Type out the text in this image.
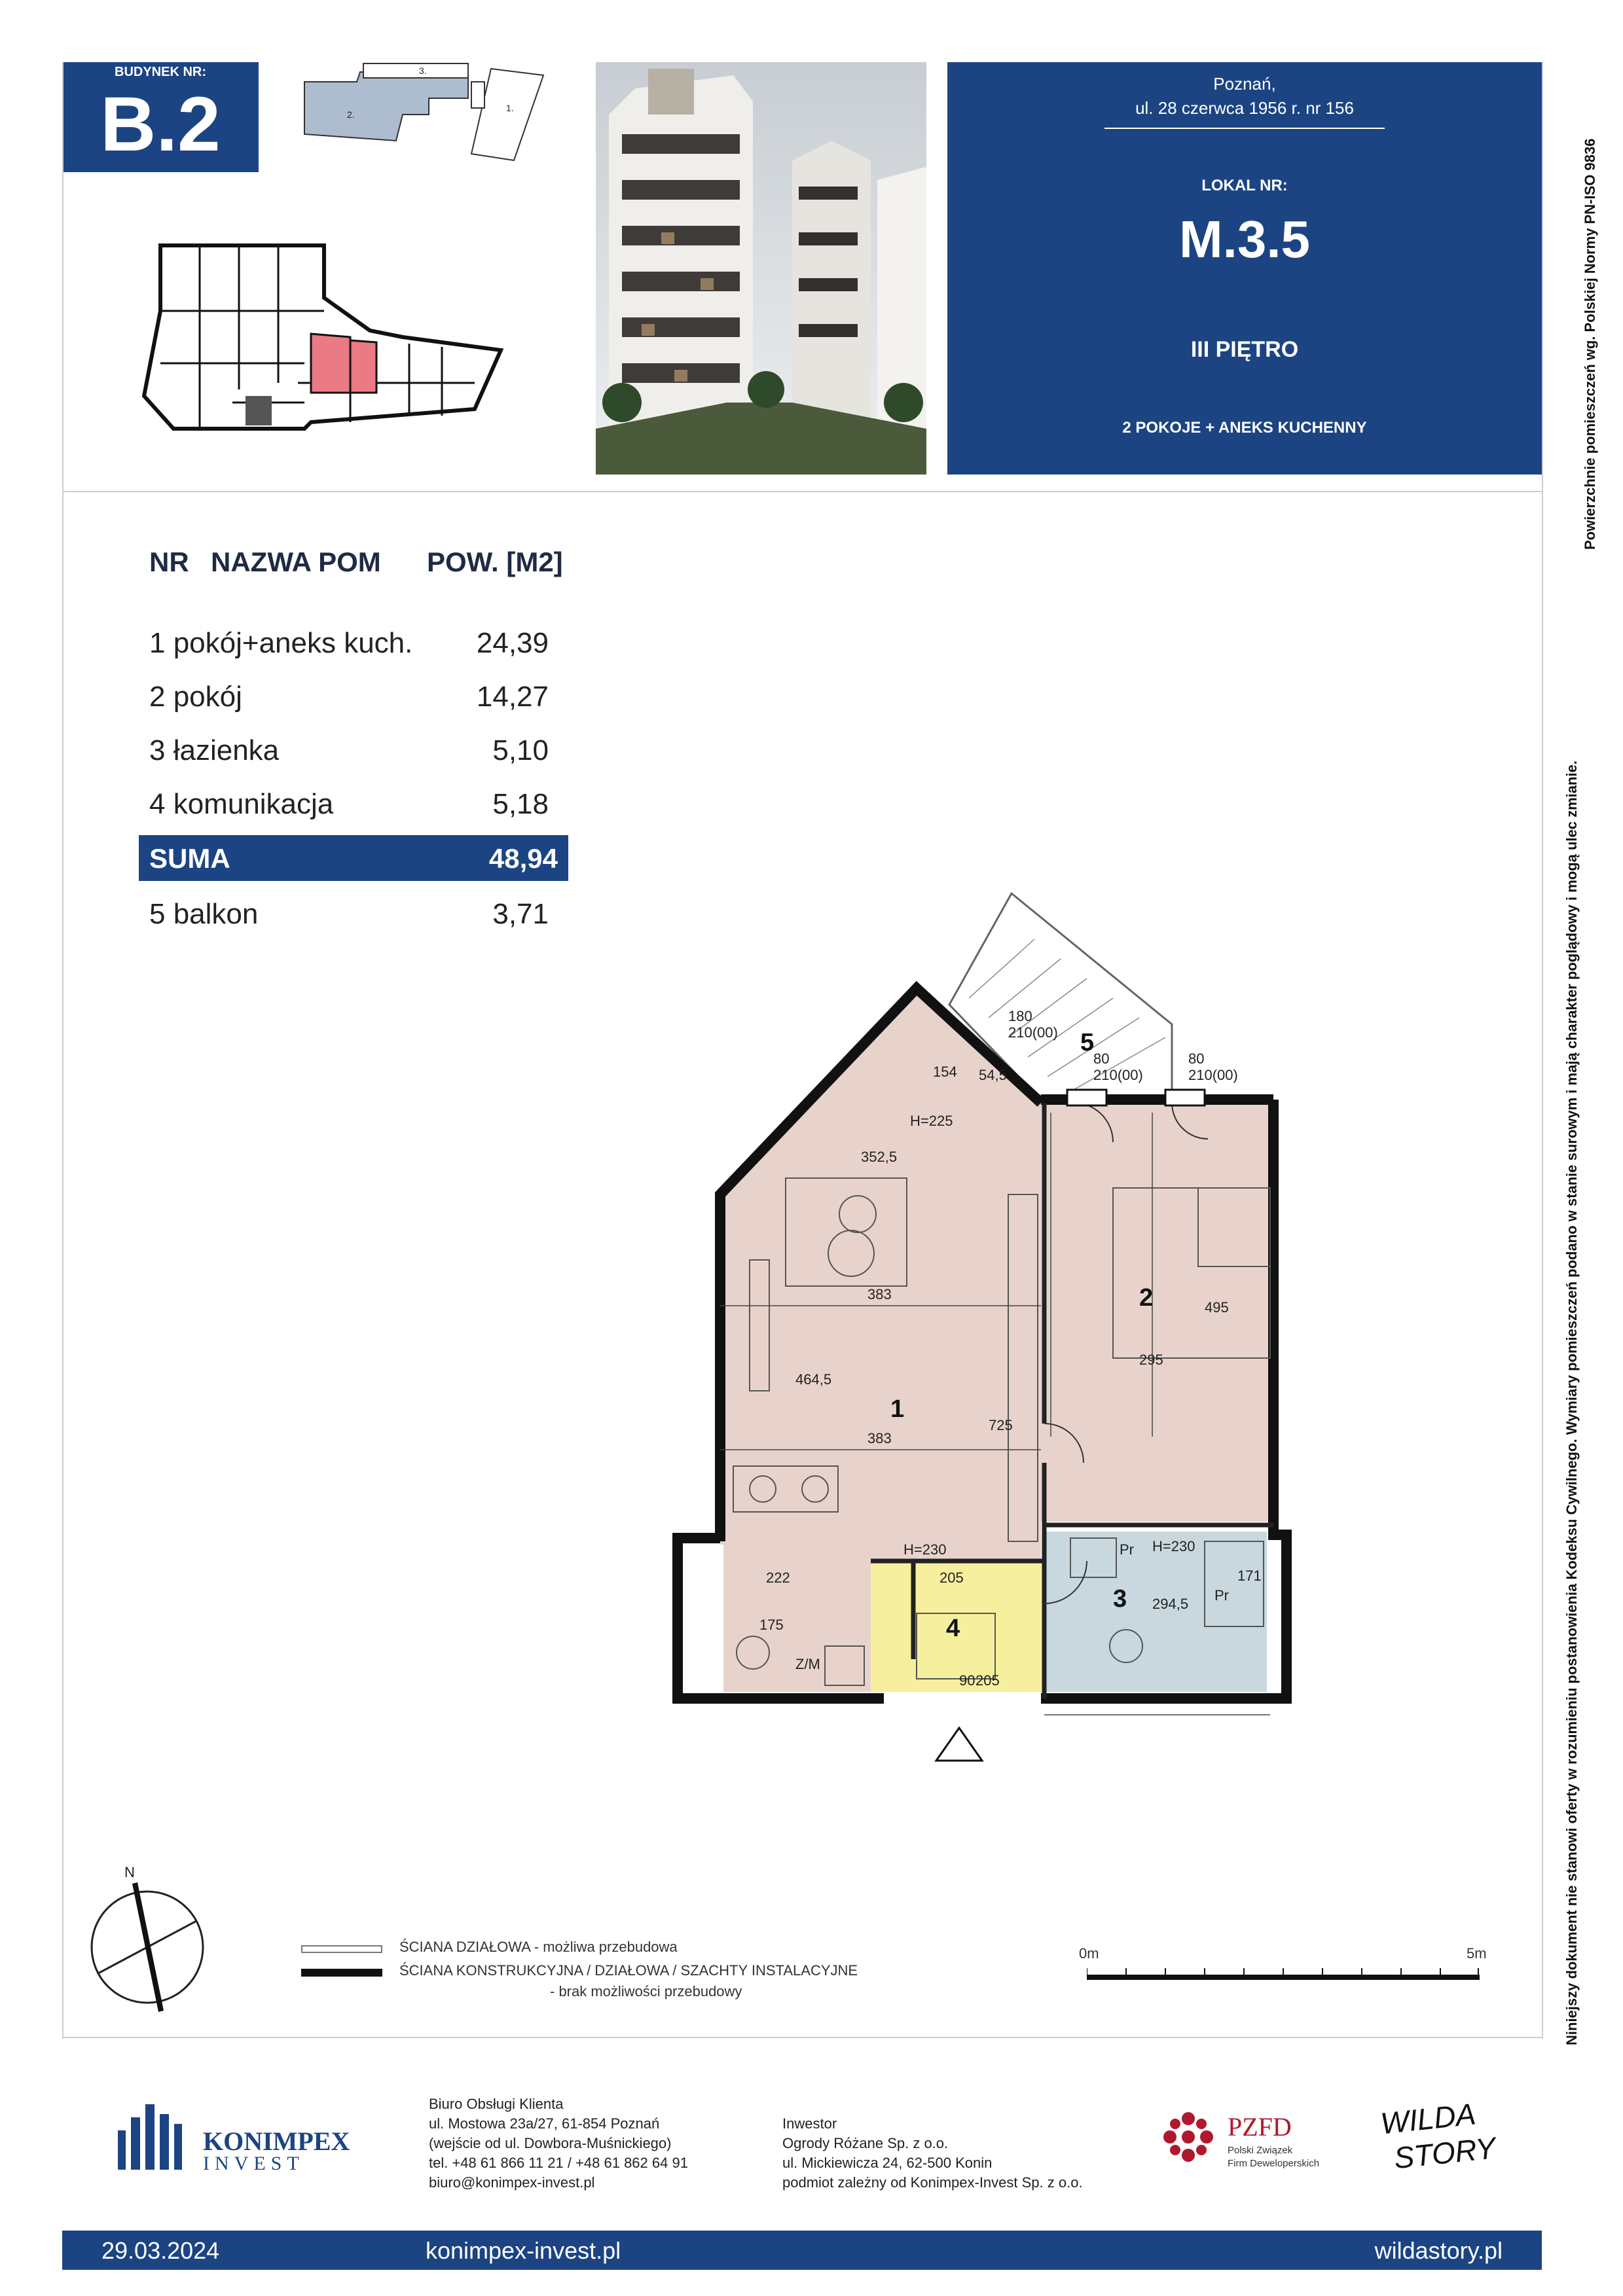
BUDYNEK NR:
B.2
3.
2.
1.
Poznań,
ul. 28 czerwca 1956 r. nr 156
LOKAL NR:
M.3.5
III PIĘTRO
2 POKOJE + ANEKS KUCHENNY
Niniejszy dokument nie stanowi oferty w rozumieniu postanowienia Kodeksu Cywilnego. Wymiary pomieszczeń podano w stanie surowym i mają charakter poglądowy i mogą ulec zmianie.
Powierzchnie pomieszczeń wg. Polskiej Normy PN-ISO 9836
NR NAZWA POM POW. [M2]
1 pokój+aneks kuch. 24,39
2 pokój	14,27
3 łazienka	5,10
4 komunikacja	5,18
SUMA	48,94
5 balkon	3,71
1
2
3
4
5
383
383
464,5
725
295
495
205
222
294,5
171
175
90 205
154 54,5
352,5
H=225
H=230	H=230
180
210(00)
80
210(00)
80
210(00)
Z/M
Pr
Pr
N
ŚCIANA DZIAŁOWA - możliwa przebudowa
ŚCIANA KONSTRUKCYJNA / DZIAŁOWA / SZACHTY INSTALACYJNE
- brak możliwości przebudowy
0m	5m
KONIMPEX
INVEST
Biuro Obsługi Klienta
ul. Mostowa 23a/27, 61-854 Poznań
(wejście od ul. Dowbora-Muśnickiego)
tel. +48 61 866 11 21 / +48 61 862 64 91
biuro@konimpex-invest.pl
Inwestor
Ogrody Różane Sp. z o.o.
ul. Mickiewicza 24, 62-500 Konin
podmiot zależny od Konimpex-Invest Sp. z o.o.
PZFD
Polski Związek
Firm Deweloperskich
WILDA
STORY
29.03.2024	konimpex-invest.pl	wildastory.pl
